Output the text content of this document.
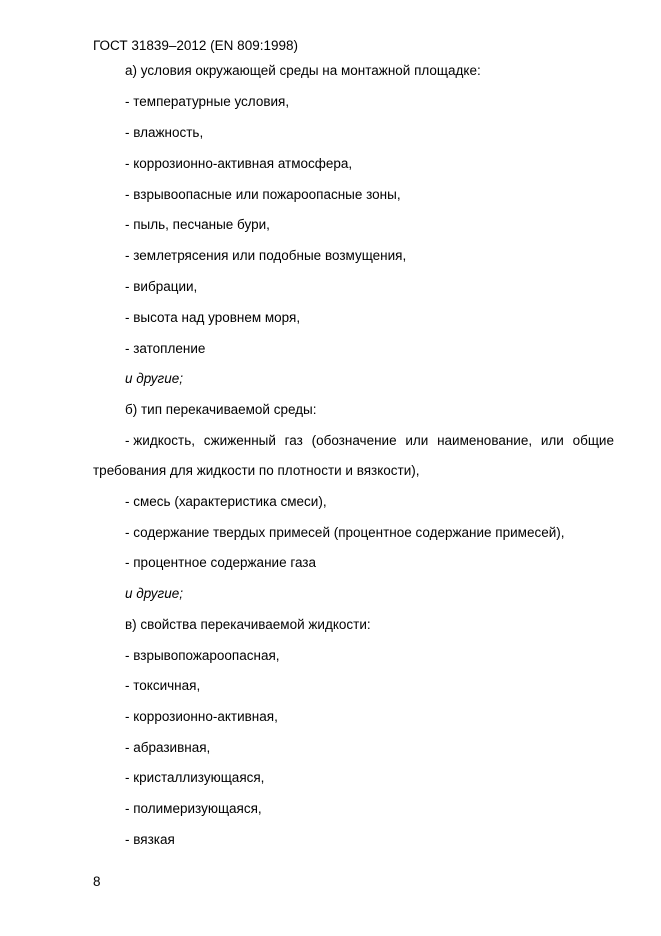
ГОСТ 31839–2012 (EN 809:1998)
а) условия окружающей среды на монтажной площадке:
- температурные условия,
- влажность,
- коррозионно-активная атмосфера,
- взрывоопасные или пожароопасные зоны,
- пыль, песчаные бури,
- землетрясения или подобные возмущения,
- вибрации,
- высота над уровнем моря,
- затопление
и другие;
б) тип перекачиваемой среды:
- жидкость, сжиженный газ (обозначение или наименование, или общие
требования для жидкости по плотности и вязкости),
- смесь (характеристика смеси),
- содержание твердых примесей (процентное содержание примесей),
- процентное содержание газа
и другие;
в) свойства перекачиваемой жидкости:
- взрывопожароопасная,
- токсичная,
- коррозионно-активная,
- абразивная,
- кристаллизующаяся,
- полимеризующаяся,
- вязкая
8
